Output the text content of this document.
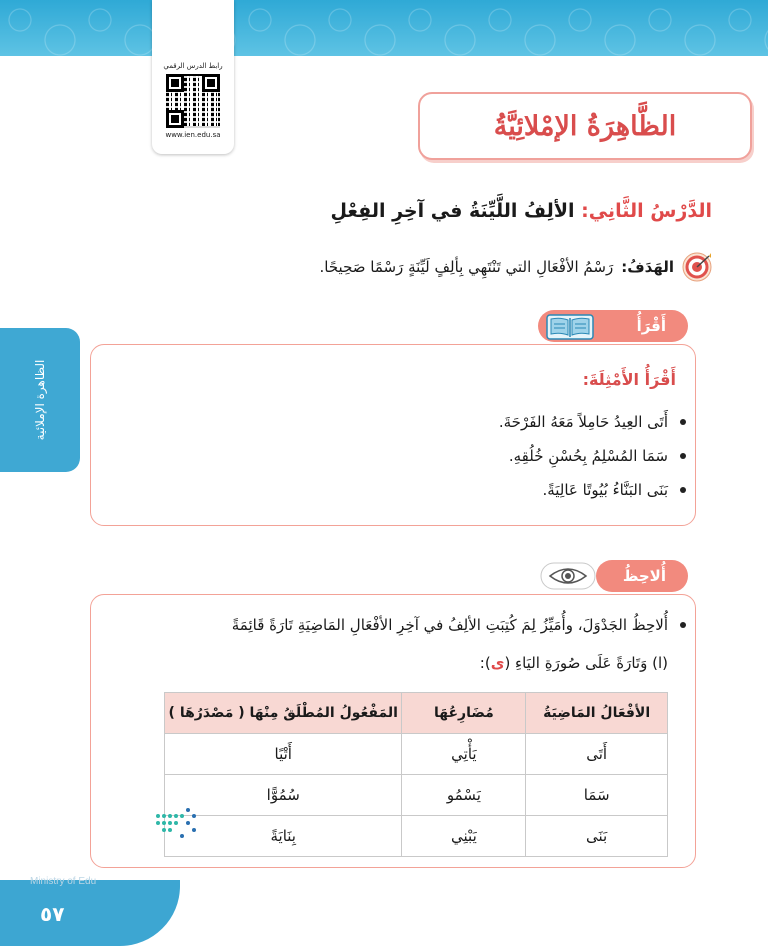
رابط الدرس الرقمي
www.ien.edu.sa	الظَّاهِرَةُ الإمْلائِيَّةُ
الدَّرْسُ الثَّانِي: الألِفُ اللَّيِّنَةُ في آخِرِ الفِعْلِ
الهَدَفُ:
رَسْمُ الأفْعَالِ التي تَنْتَهِي بِألِفٍ لَيِّنَةٍ رَسْمًا صَحِيحًا.
الظاهرة الإملائية
أَقْرَأُ
أَقْرَأُ الأَمْثِلَةَ:
أَتَى العِيدُ حَامِلاً مَعَهُ الفَرْحَةَ.
سَمَا المُسْلِمُ بِحُسْنِ خُلُقِهِ.
بَنَى البَنَّاءُ بُيُوتًا عَالِيَةً.
أُلاحِظُ
أُلاحِظُ الجَدْوَلَ، وأُمَيِّزُ لِمَ كُتِبَتِ الألِفُ في آخِرِ الأفْعَالِ المَاضِيَةِ تَارَةً قَائِمَةً
(ا) وَتَارَةً عَلَى صُورَةِ اليَاءِ (ى):
الأفْعَالُ المَاضِيَةُ	مُضَارِعُهَا	المَفْعُولُ المُطْلَقُ مِنْهَا ( مَصْدَرُهَا )
أَتَى	يَأْتِي	أَتْيًا
سَمَا	يَسْمُو	سُمُوًّا
بَنَى	يَبْنِي	بِنَايَةً
Ministry of Edu
٥٧
